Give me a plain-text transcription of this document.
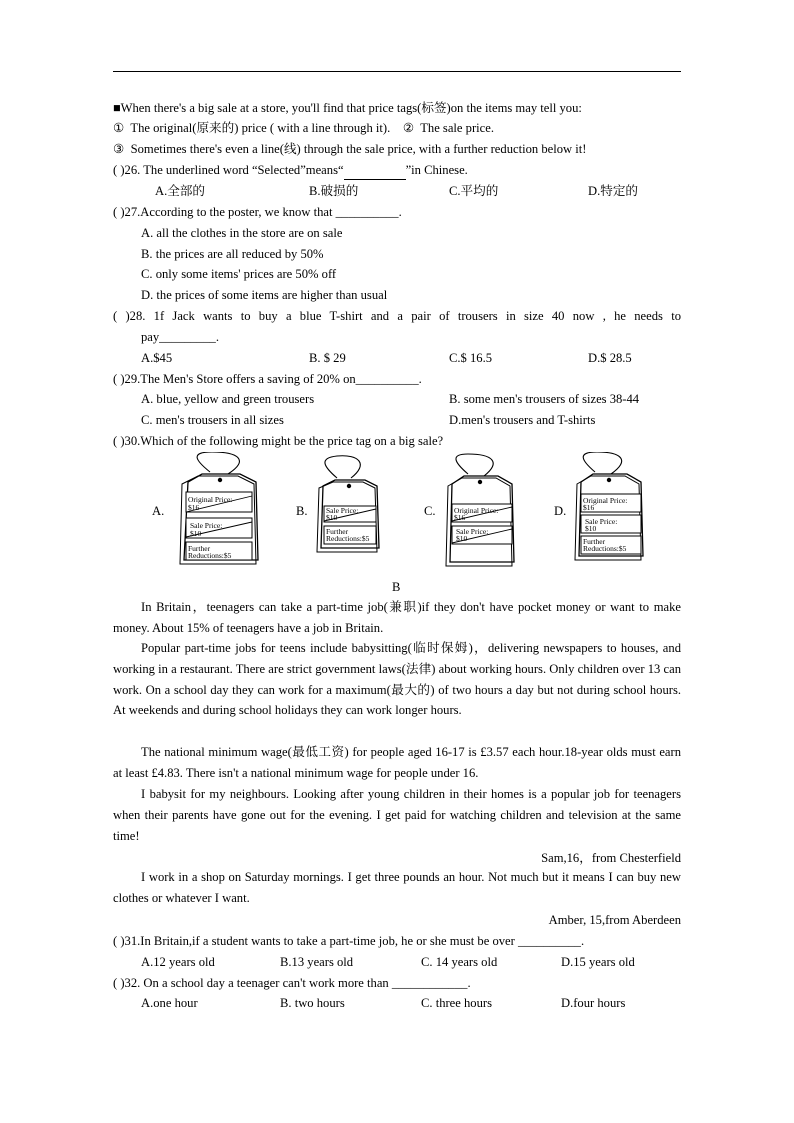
■When there's a big sale at a store, you'll find that price tags(标签)on the items may tell you:
① The original(原来的) price ( with a line through it). ② The sale price.
③ Sometimes there's even a line(线) through the sale price, with a further reduction below it!
( )26. The underlined word “Selected”means“	”in Chinese.
A.全部的	B.破损的	C.平均的	D.特定的
( )27.According to the poster, we know that __________.
A. all the clothes in the store are on sale
B. the prices are all reduced by 50%
C. only some items' prices are 50% off
D. the prices of some items are higher than usual
( )28. 1f Jack wants to buy a blue T-shirt and a pair of trousers in size 40 now , he needs to
pay_________.
A.$45	B. $ 29	C.$ 16.5	D.$ 28.5
( )29.The Men's Store offers a saving of 20% on__________.
A. blue, yellow and green trousers	B. some men's trousers of sizes 38-44
C. men's trousers in all sizes	D.men's trousers and T-shirts
( )30.Which of the following might be the price tag on a big sale?
A.	B.	C.	D.
Original Price:
$16
Sale Price:
$10
Further
Reductions:$5
Sale Price:
$10
Further
Reductions:$5
Original Price:
$16
Sale Price:
$10
Original Price:
$16
Sale Price:
$10
Further
Reductions:$5
B
In Britain，teenagers can take a part-time job(兼职)if they don't have pocket money or want to make money. About 15% of teenagers have a job in Britain.
Popular part-time jobs for teens include babysitting(临时保姆)，delivering newspapers to houses, and working in a restaurant. There are strict government laws(法律) about working hours. Only children over 13 can work. On a school day they can work for a maximum(最大的) of two hours a day but not during school hours. At weekends and during school holidays they can work longer hours.
The national minimum wage(最低工资) for people aged 16-17 is £3.57 each hour.18-year olds must earn at least £4.83. There isn't a national minimum wage for people under 16.
I babysit for my neighbours. Looking after young children in their homes is a popular job for teenagers when their parents have gone out for the evening. I get paid for watching children and television at the same time!
Sam,16，from Chesterfield
I work in a shop on Saturday mornings. I get three pounds an hour. Not much but it means I can buy new clothes or whatever I want.
Amber, 15,from Aberdeen
( )31.In Britain,if a student wants to take a part-time job, he or she must be over __________.
A.12 years old	B.13 years old	C. 14 years old	D.15 years old
( )32. On a school day a teenager can't work more than ____________.
A.one hour	B. two hours	C. three hours	D.four hours
